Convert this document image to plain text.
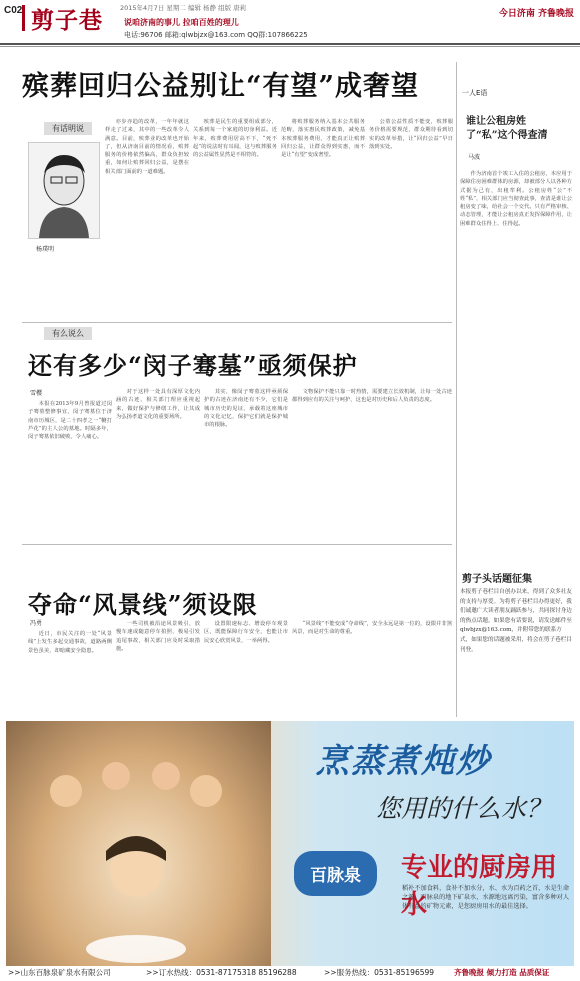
C02 剪子巷	2015年4月7日 星期二 编辑 杨静 组版 唐莉
说咱济南的事儿 拉咱百姓的理儿
电话:96706 邮箱:qlwbjzx@163.com QQ群:107866225
今日济南 齐鲁晚报
殡葬回归公益别让“有望”成奢望
有话明说
杨璞明

亦步亦趋的改革，一年年就这样走了过来，其中的一些改革令人满意。目前，殡葬业的改革也开始了，但从济南目前的情况看，殡葬服务的价格依然偏高，群众负担较重，如何让殡葬回归公益，是摆在相关部门面前的一道难题。

殡葬是民生的重要组成部分，关系到每一个家庭的切身利益。近年来，殡葬费用居高不下，“死不起”的说法时有耳闻，这与殡葬服务的公益属性显然是不相符的。

将殡葬服务纳入基本公共服务范畴，落实惠民殡葬政策，减免基本殡葬服务费用，才能真正让殡葬回归公益，让群众得到实惠，而不是让“有望”变成奢望。

公墓公益性质不能变，殡葬服务价格需要规范，群众期待看到切实的改革举措，让“回归公益”早日落到实处。

有么说么
还有多少“闵子骞墓”亟须保护
雪樱

本报在2013年9月曾报道过闵子骞墓整修事宜，闵子骞墓位于济南市历城区，是二十四孝之一“鞭打芦花”的主人公的墓地。时隔多年，闵子骞墓依旧破败，令人痛心。

对于这样一处具有深厚文化内涵的古迹，相关部门理应重视起来，做好保护与修缮工作，让其成为弘扬孝道文化的重要场所。

其实，像闵子骞墓这样亟须保护的古迹在济南还有不少，它们是城市历史的见证，承载着这座城市的文化记忆，保护它们就是保护城市的根脉。

文物保护不能只靠一时热情，需要建立长效机制，让每一处古迹都得到应有的关注与呵护，这也是对历史和后人负责的态度。

夺命“风景线”须设限
冯勇

近日，市民关注的一处“风景线”上发生多起交通事故，道路两侧景色虽美，却暗藏安全隐患。

一些司机被沿途风景吸引，放慢车速或随意停车拍照，极易引发追尾事故，相关部门应及时采取措施。

设置限速标志、增设停车观景区，既能保障行车安全，也能让市民安心欣赏风景，一举两得。

“风景线”不能变成“夺命线”，安全永远是第一位的，设限并非煞风景，而是对生命的尊重。

一人E语
谁让公租房姓了“私”这个得查清
马波

作为济南首个竣工入住的公租房，本应用于保障住房困难群体的房源，却被部分人以各种方式据为己有，出租牟利。公租房姓“公”不姓“私”，相关部门应当彻查此事，查清是谁让公租房变了味，给社会一个交代。只有严格审核、动态管理，才能让公租房真正发挥保障作用，让困难群众住得上、住得起。

剪子头话题征集
本报剪子巷栏目自创办以来，得到了众多社友的支持与厚爱。为将剪子巷栏目办得更好，我们诚邀广大读者朋友踊跃参与，共同探讨身边的热点话题。如果您有话要说，请发送邮件至qlwbjzx@163.com，并附带您的联系方式，如果您的话题被采用，将会在剪子巷栏目刊登。
烹蒸煮炖炒
您用的什么水？
百脉泉	专业的厨房用水
稻补不加食料，食补不加水分，水、水为百药之首，水是生命之源，百脉泉的地下矿泉水，水源地远离污染，富含多种对人体有益的矿物元素，是您厨房用水的最佳选择。
>>山东百脉泉矿泉水有限公司	>>订水热线：0531-87175318 85196288	>>服务热线：0531-85196599	齐鲁晚报 倾力打造 品质保证
